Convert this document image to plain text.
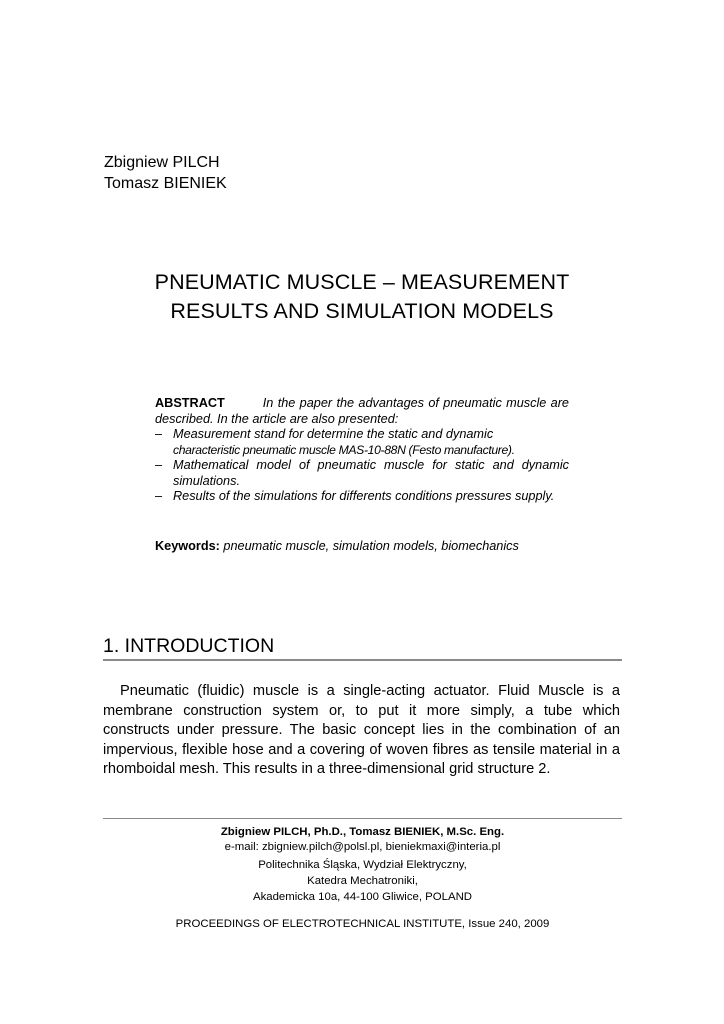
Zbigniew PILCH
Tomasz BIENIEK
PNEUMATIC MUSCLE – MEASUREMENT
RESULTS AND SIMULATION MODELS
ABSTRACT	In the paper the advantages of pneumatic muscle are described. In the article are also presented:
– Measurement stand for determine the static and dynamic
characteristic pneumatic muscle MAS-10-88N (Festo manufacture).
– Mathematical model of pneumatic muscle for static and dynamic simulations.
– Results of the simulations for differents conditions pressures supply.
Keywords: pneumatic muscle, simulation models, biomechanics
1. INTRODUCTION

Pneumatic (fluidic) muscle is a single-acting actuator. Fluid Muscle is a membrane construction system or, to put it more simply, a tube which constructs under pressure. The basic concept lies in the combination of an impervious, flexible hose and a covering of woven fibres as tensile material in a rhomboidal mesh. This results in a three-dimensional grid structure 2.

Zbigniew PILCH, Ph.D., Tomasz BIENIEK, M.Sc. Eng.
e-mail: zbigniew.pilch@polsl.pl, bieniekmaxi@interia.pl
Politechnika Śląska, Wydział Elektryczny,
Katedra Mechatroniki,
Akademicka 10a, 44-100 Gliwice, POLAND
PROCEEDINGS OF ELECTROTECHNICAL INSTITUTE, Issue 240, 2009
